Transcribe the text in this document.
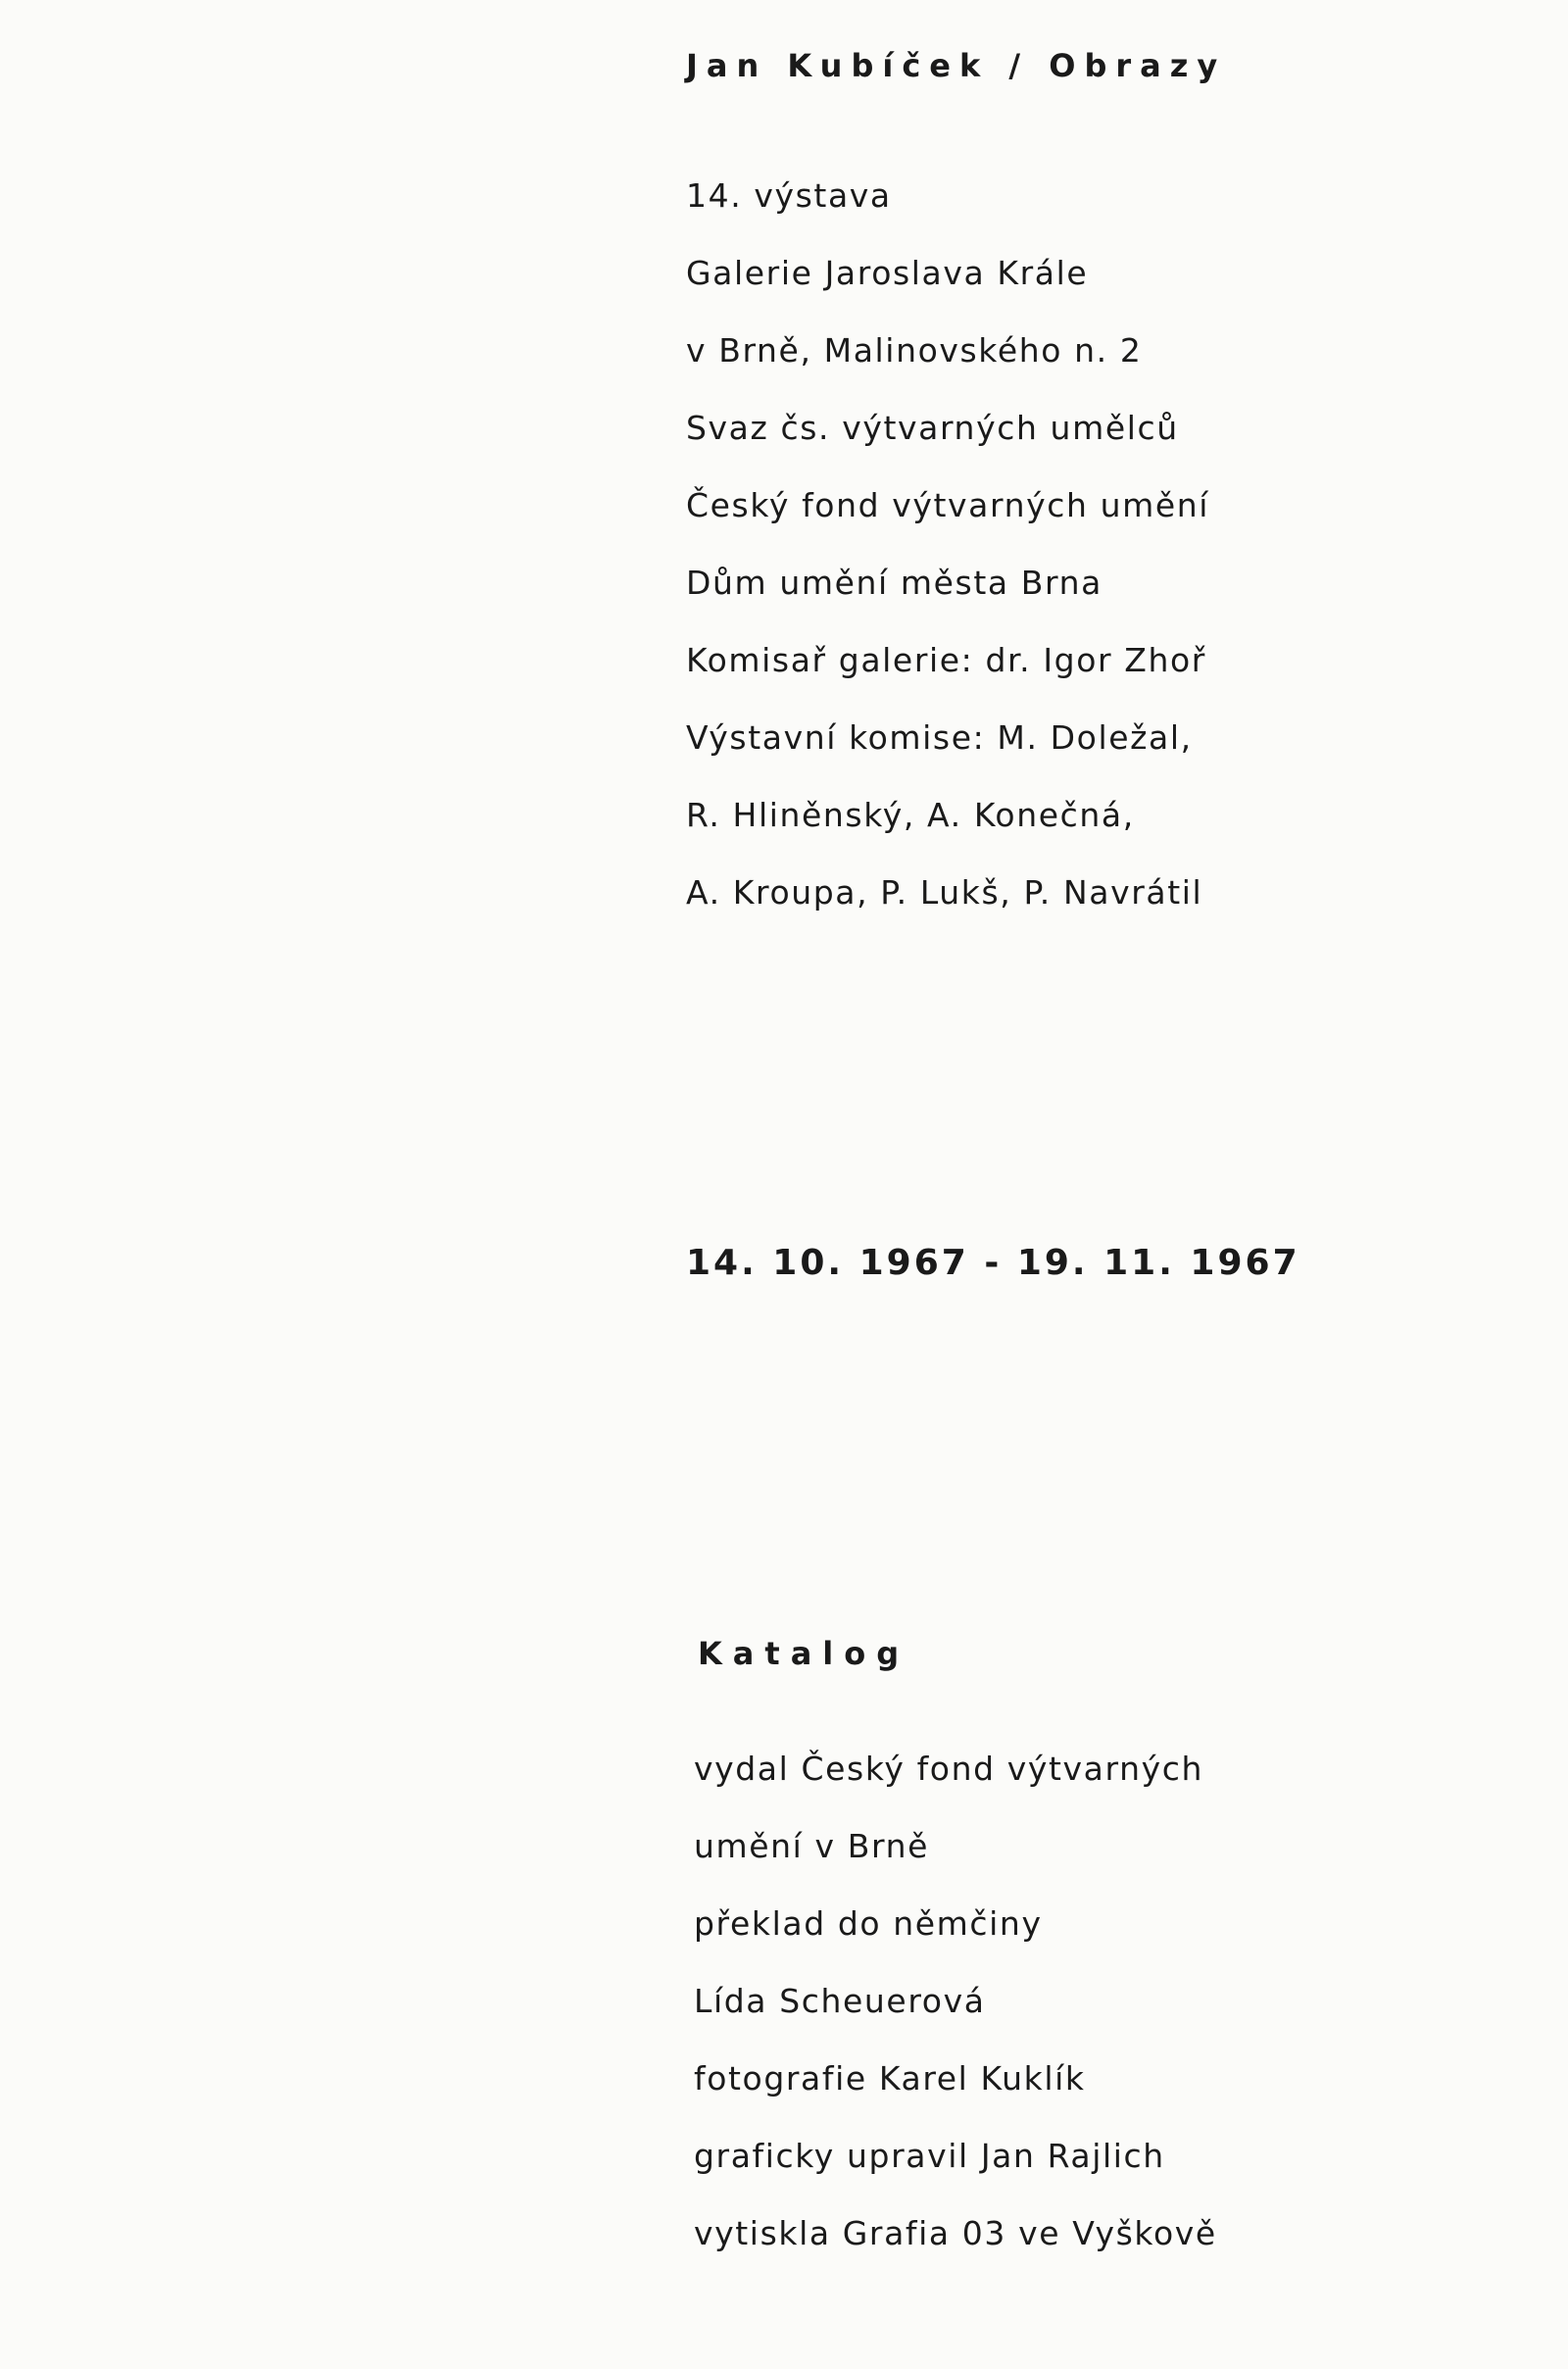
Jan Kubíček / Obrazy
14. výstava
Galerie Jaroslava Krále
v Brně, Malinovského n. 2
Svaz čs. výtvarných umělců
Český fond výtvarných umění
Dům umění města Brna
Komisař galerie: dr. Igor Zhoř
Výstavní komise: M. Doležal,
R. Hliněnský, A. Konečná,
A. Kroupa, P. Lukš, P. Navrátil
14. 10. 1967 - 19. 11. 1967
Katalog
vydal Český fond výtvarných
umění v Brně
překlad do němčiny
Lída Scheuerová
fotografie Karel Kuklík
graficky upravil Jan Rajlich
vytiskla Grafia 03 ve Vyškově
